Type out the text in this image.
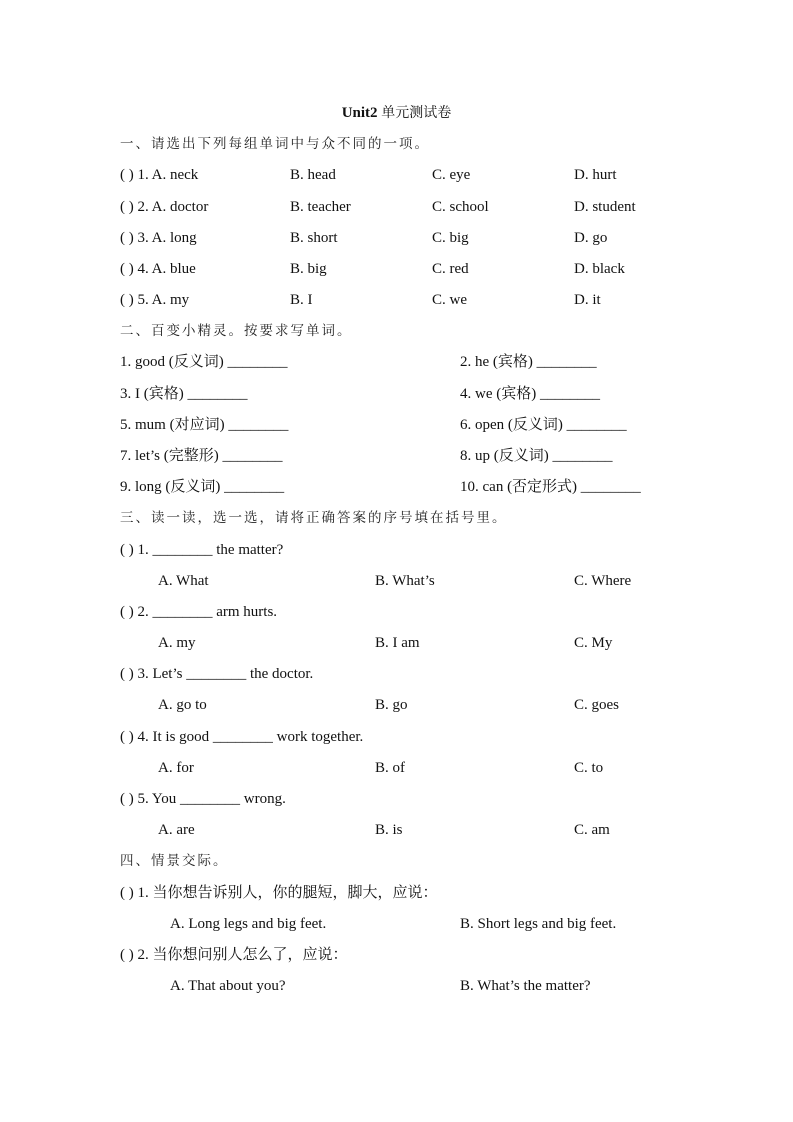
Unit2 单元测试卷
一、请选出下列每组单词中与众不同的一项。
( ) 1. A. neck	B. head	C. eye	D. hurt
( ) 2. A. doctor	B. teacher	C. school	D. student
( ) 3. A. long	B. short	C. big	D. go
( ) 4. A. blue	B. big	C. red	D. black
( ) 5. A. my	B. I	C. we	D. it
二、百变小精灵。按要求写单词。
1. good (反义词) ________	2. he (宾格) ________
3. I (宾格) ________	4. we (宾格) ________
5. mum (对应词) ________	6. open (反义词) ________
7. let’s (完整形) ________	8. up (反义词) ________
9. long (反义词) ________	10. can (否定形式) ________
三、读一读，选一选，请将正确答案的序号填在括号里。
( ) 1. ________ the matter?
A. What	B. What’s	C. Where
( ) 2. ________ arm hurts.
A. my	B. I am	C. My
( ) 3. Let’s ________ the doctor.
A. go to	B. go	C. goes
( ) 4. It is good ________ work together.
A. for	B. of	C. to
( ) 5. You ________ wrong.
A. are	B. is	C. am
四、情景交际。
( ) 1. 当你想告诉别人，你的腿短，脚大，应说：
A. Long legs and big feet.	B. Short legs and big feet.
( ) 2. 当你想问别人怎么了，应说：
A. That about you?	B. What’s the matter?
